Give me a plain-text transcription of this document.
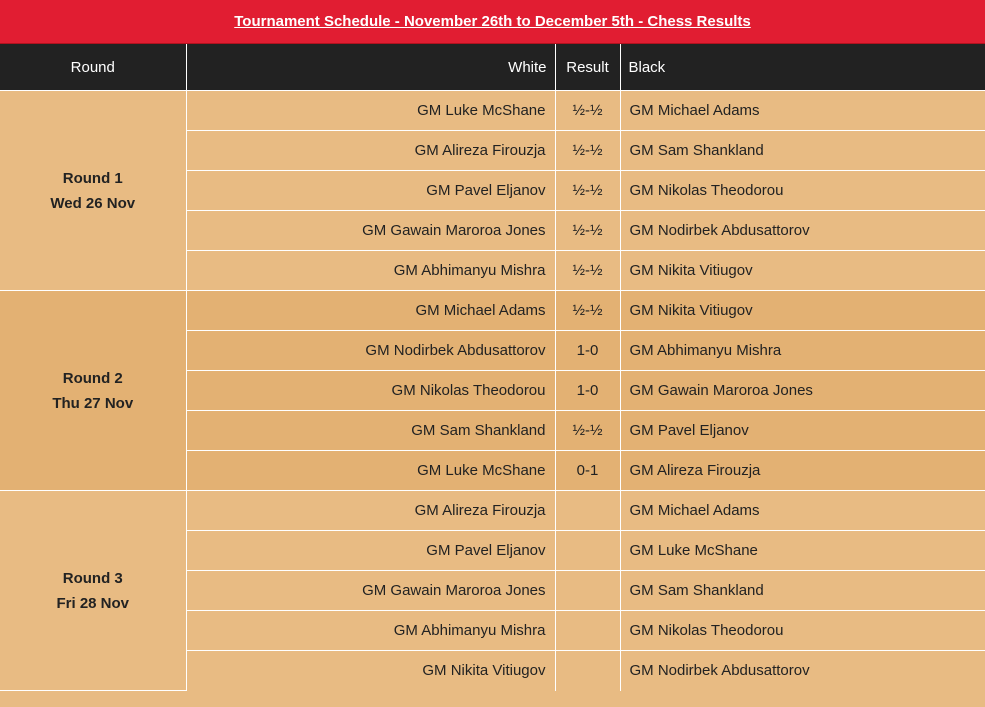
Tournament Schedule - November 26th to December 5th - Chess Results
Round	White	Result	Black

Round 1
Wed 26 Nov	GM Luke McShane	½-½	GM Michael Adams
	GM Alireza Firouzja	½-½	GM Sam Shankland
	GM Pavel Eljanov	½-½	GM Nikolas Theodorou
	GM Gawain Maroroa Jones	½-½	GM Nodirbek Abdusattorov
	GM Abhimanyu Mishra	½-½	GM Nikita Vitiugov

Round 2
Thu 27 Nov	GM Michael Adams	½-½	GM Nikita Vitiugov
	GM Nodirbek Abdusattorov	1-0	GM Abhimanyu Mishra
	GM Nikolas Theodorou	1-0	GM Gawain Maroroa Jones
	GM Sam Shankland	½-½	GM Pavel Eljanov
	GM Luke McShane	0-1	GM Alireza Firouzja

Round 3
Fri 28 Nov	GM Alireza Firouzja		GM Michael Adams
	GM Pavel Eljanov		GM Luke McShane
	GM Gawain Maroroa Jones		GM Sam Shankland
	GM Abhimanyu Mishra		GM Nikolas Theodorou
	GM Nikita Vitiugov		GM Nodirbek Abdusattorov
